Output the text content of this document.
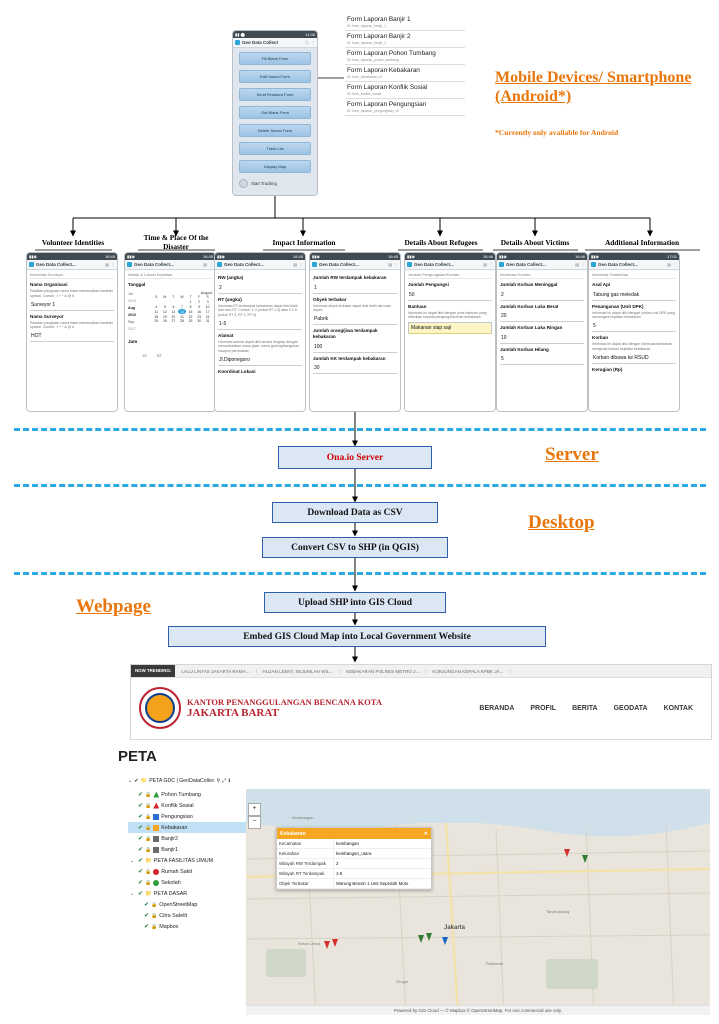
▮▮ ⬤	11:36
Geo Data Collect	ⓘ ⋮
Fill Blank Form
Edit Saved Form
Send Finalized Form
Get Blank Form
Delete Saved Form
Track List
Display Map
Start Tracking
Form Laporan Banjir 1
ID: form_laporan_banjir_1
Form Laporan Banjir 2
ID: form_laporan_banjir_2
Form Laporan Pohon Tumbang
ID: form_laporan_pohon_tumbang
Form Laporan Kebakaran
ID: form_kebakaran_v1
Form Laporan Konflik Sosial
ID: form_konflik_sosial
Form Laporan Pengungsian
ID: form_laporan_pengungsian_v4
Mobile Devices/ Smartphone (Android*)
*Currently only available for Android
Volunteer Identities
Time & Place Of the Disaster	Impact Information	Details About Refugees	Details About Victims	Additional Information
▮▮◉	16:45
Geo Data Collect...	▤ ⋮
Informasi Surveyor
Nama Organisasi
Pastikan pengisian nama tidak memasukkan karakter spesial. Contoh: :/ + * & @ #
Surveyor 1
Nama Surveyor
Pastikan pengisian nama tidak memasukkan karakter spesial. Contoh: :/ + * & @ #
HOT
▮▮◉	16:45
Geo Data Collect...	▤ ⋮
Waktu & Lokasi Kejadian
Tanggal
Jul
2015
Aug
2016
Sep
2017
August
S	M	T	W	T	F	S
				1	2	3
4	5	6	7	8	9	10
11	12	13	14	15	16	17
18	19	20	21	22	23	24
25	26	27	28	29	30	31
Jam
15 52
▮▮◉	16:45
Geo Data Collect...	▤ ⋮
RW (angka)
2
RT (angka)
Informasi RT terdampak kebakaran dapat diisi lebih dari satu RT. Contoh: 1-4 (untuk RT 1-4) atau 2,1,9 (untuk RT 3, RT 1, RT 9)
1-5
Alamat
Informasi alamat dapat diisi secara lengkap dengan menambahkan nama jalan, nama gedung/bangunan, maupun perumahan
Jl.Diponegoro
Koordinat Lokasi
▮▮◉	16:45
Geo Data Collect...	▤ ⋮
Jumlah RW terdampak kebakaran
1
Obyek terbakar
Informasi obyek terbakar dapat diisi lebih dari satu obyek.
Pabrik
Jumlah orang/jiwa terdampak kebakaran
100
Jumlah KK terdampak kebakaran
30
▮▮◉	16:46
Geo Data Collect...	▤ ⋮
Jumlah Pengungsian/Korban
Jumlah Pengungsi
50
Bantuan
Informasi ini dapat diisi dengan jenis bantuan yang diberikan kepada pengungsi/korban kebakaran
Makanan siap saji
▮▮◉	16:46
Geo Data Collect...	▤ ⋮
Informasi Korban
Jumlah Korban Meninggal
2
Jumlah Korban Luka Berat
20
Jumlah Korban Luka Ringan
10
Jumlah Korban Hilang
5
▮▮◉	17:01
Geo Data Collect...	▤ ⋮
Informasi Tambahan
Asal Api
Tabung gas meledak
Penanganan (Unit DPK)
Informasi ini dapat diisi dengan jumlah unit DPK yang menangani kejadian kebakaran
5
Korban
Informasi ini dapat diisi dengan informasi tambahan mengenai korban kejadian kebakaran
Korban dibawa ke RSUD
Kerugian (Rp)
Ona.io Server	Server
Download Data as CSV
Convert CSV to SHP (in QGIS)
Desktop
Webpage	Upload SHP into GIS Cloud
Embed GIS Cloud Map into Local Government Website
NOW TRENDING:	LALU LINTAS JAKARTA RAMA...	HUJAN LEBAT, SEJUMLAH WIL...	KEBAKARAN POLRES METRO J...	KUNJUNGAN KEPALA KPBK JA...
KANTOR PENANGGULANGAN BENCANA KOTA
JAKARTA BARAT	BERANDA PROFIL BERITA GEODATA KONTAK
PETA
⌄ ✔ 📁 PETA GDC | GeoDataCollec ⚲ ⤢ ℹ
✔ 🔒 Pohon Tumbang
✔ 🔒 Konflik Sosial
✔ 🔒 Pengungsian
✔ 🔒 Kebakaran
✔ 🔒 Banjir2
✔ 🔒 Banjir1
⌄ ✔ 📁 PETA FASILITAS UMUM
✔ 🔒 Rumah Sakit
✔ 🔒 Sekolah
⌄ ✔ 📁 PETA DASAR
✔ 🔒 OpenStreetMap
✔ 🔒 Citra Satelit
✔ 🔒 Mapbox
+
−
Jakarta
Kembangan
Kebon Jeruk
Grogol
Tanah Abang
Palmerah
Kebakaran	✕
Kecamatan	kembangan
Kelurahan	kembangan_utara
Wilayah RW Terdampak	2
Wilayah RT Terdampak	1-5
Objek Terbakar	Warung Bensin 1 Unit Sepedah Moto
Powered by GIS Cloud — © Mapbox © OpenStreetMap. For non commercial use only.
